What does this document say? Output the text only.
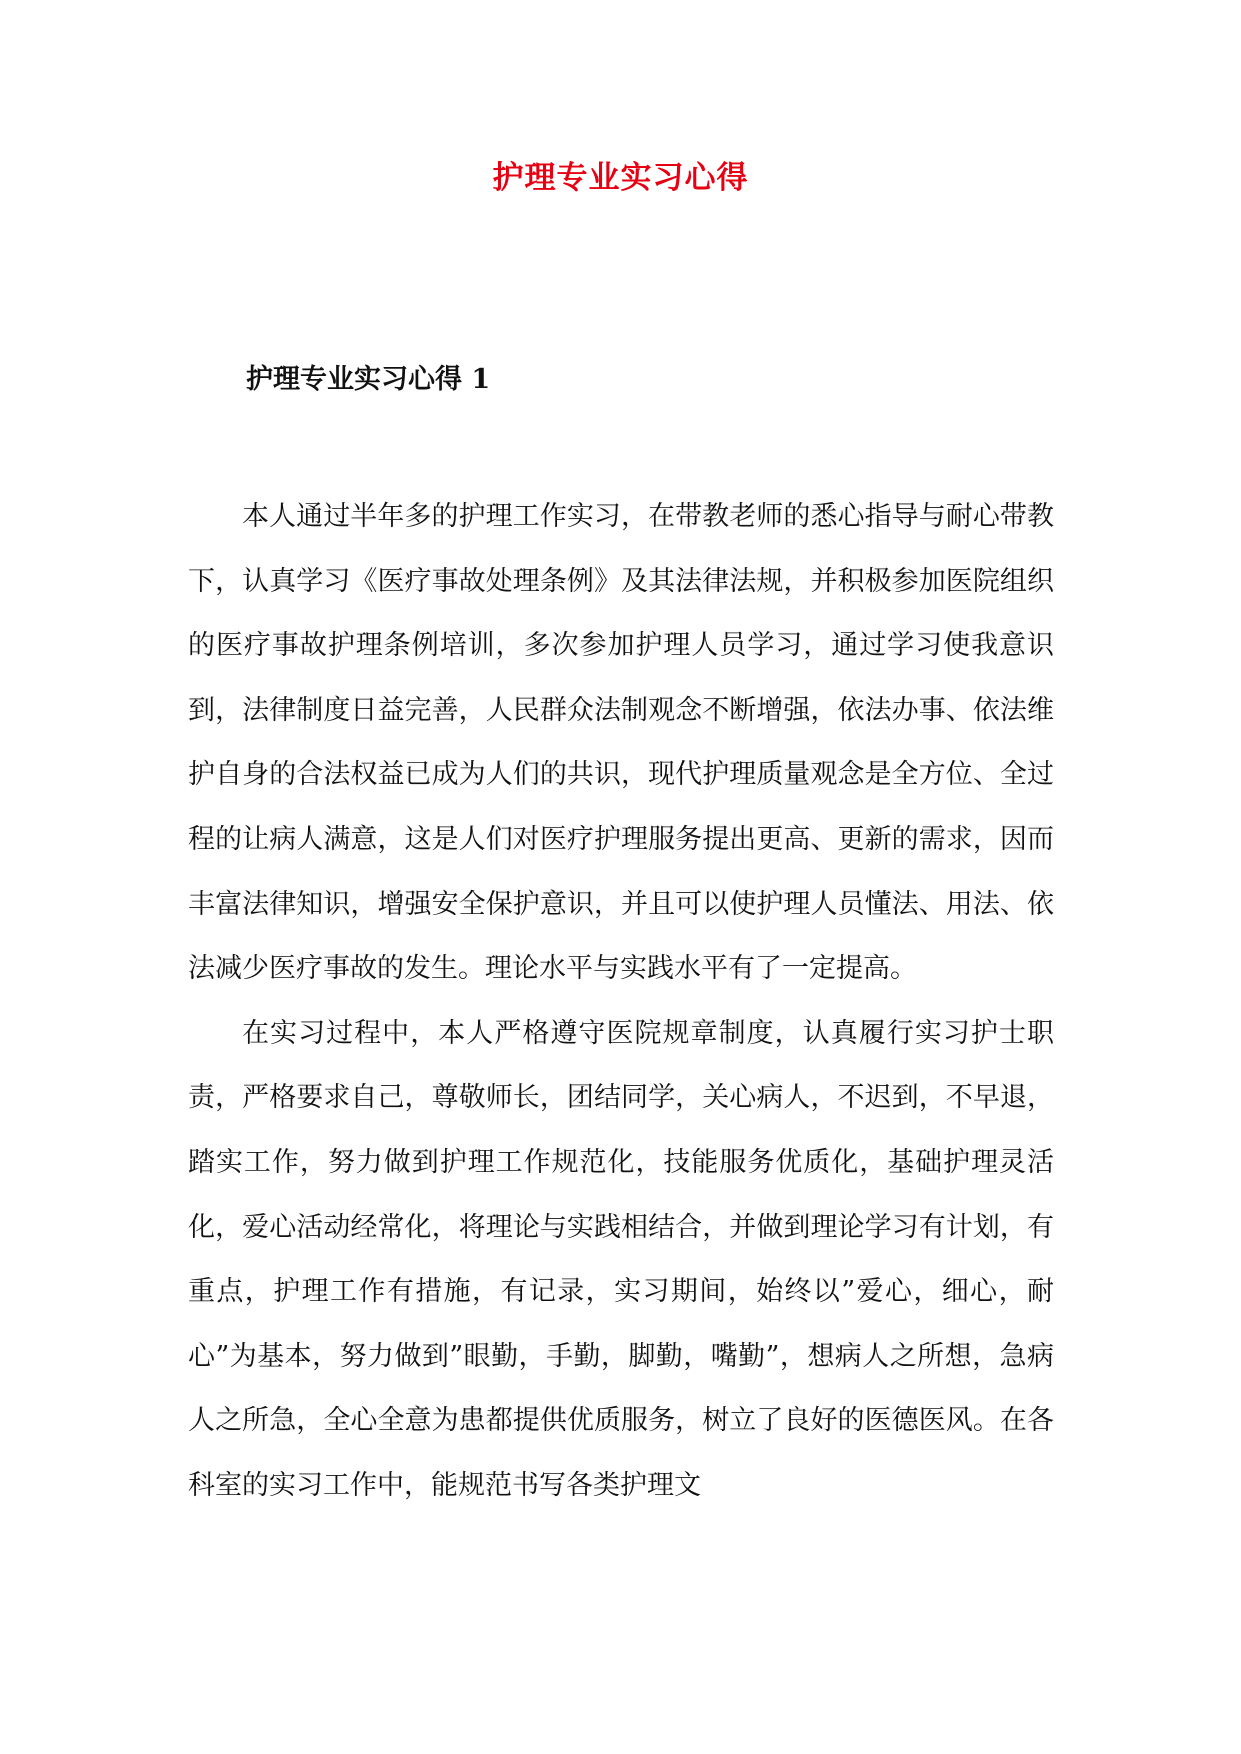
护理专业实习心得
护理专业实习心得 1

本人通过半年多的护理工作实习，在带教老师的悉心指导与耐心带教下，认真学习《医疗事故处理条例》及其法律法规，并积极参加医院组织的医疗事故护理条例培训，多次参加护理人员学习，通过学习使我意识到，法律制度日益完善，人民群众法制观念不断增强，依法办事、依法维护自身的合法权益已成为人们的共识，现代护理质量观念是全方位、全过程的让病人满意，这是人们对医疗护理服务提出更高、更新的需求，因而丰富法律知识，增强安全保护意识，并且可以使护理人员懂法、用法、依法减少医疗事故的发生。理论水平与实践水平有了一定提高。

在实习过程中，本人严格遵守医院规章制度，认真履行实习护士职责，严格要求自己，尊敬师长，团结同学，关心病人，不迟到，不早退，踏实工作，努力做到护理工作规范化，技能服务优质化，基础护理灵活化，爱心活动经常化，将理论与实践相结合，并做到理论学习有计划，有重点，护理工作有措施，有记录，实习期间，始终以”爱心，细心，耐心”为基本，努力做到”眼勤，手勤，脚勤，嘴勤”，想病人之所想，急病人之所急，全心全意为患都提供优质服务，树立了良好的医德医风。在各科室的实习工作中，能规范书写各类护理文
